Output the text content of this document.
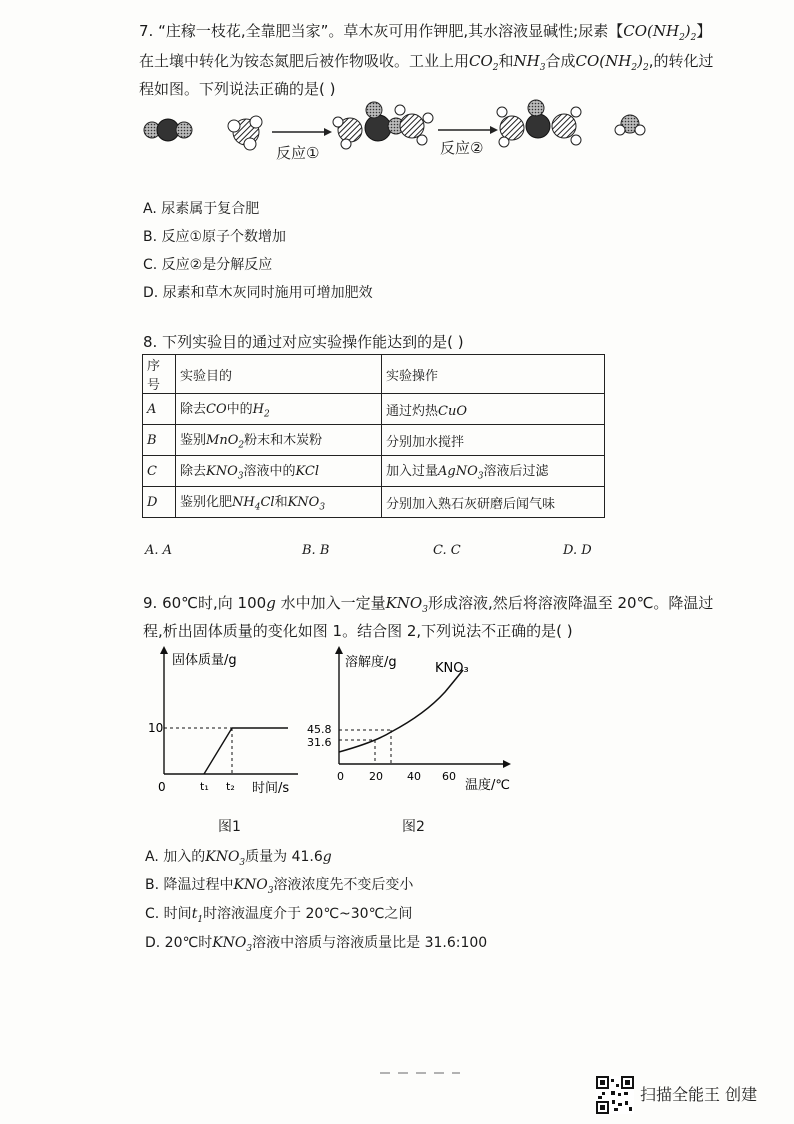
7. “庄稼一枝花,全靠肥当家”。草木灰可用作钾肥,其水溶液显碱性;尿素【$CO(NH_2)_2$】
在土壤中转化为铵态氮肥后被作物吸收。工业上用$CO_2$和$NH_3$合成$CO(NH_2)_2$,的转化过
程如图。下列说法正确的是( )
反应①	反应②
A. 尿素属于复合肥
B. 反应①原子个数增加
C. 反应②是分解反应
D. 尿素和草木灰同时施用可增加肥效
8. 下列实验目的通过对应实验操作能达到的是( )
序号	实验目的	实验操作
A	除去CO中的$H_2$	通过灼热CuO
B	鉴别MnO$_2$粉末和木炭粉	分别加水搅拌
C	除去$KNO_3$溶液中的KCl	加入过量AgNO$_3$溶液后过滤
D	鉴别化肥$NH_4Cl$和$KNO_3$	分别加入熟石灰研磨后闻气味
A. A	B. B	C. C	D. D
9. 60℃时,向 100g 水中加入一定量$KNO_3$形成溶液,然后将溶液降温至 20℃。降温过
程,析出固体质量的变化如图 1。结合图 2,下列说法不正确的是( )
固体质量/g
10
0	t₁ t₂ 时间/s
图1
溶解度/g	KNO₃
45.8
31.6
0 20 40 60
温度/℃
图2
A. 加入的$KNO_3$质量为 41.6g
B. 降温过程中$KNO_3$溶液浓度先不变后变小
C. 时间$t_1$时溶液温度介于 20℃~30℃之间
D. 20℃时$KNO_3$溶液中溶质与溶液质量比是 31.6:100
扫描全能王 创建
